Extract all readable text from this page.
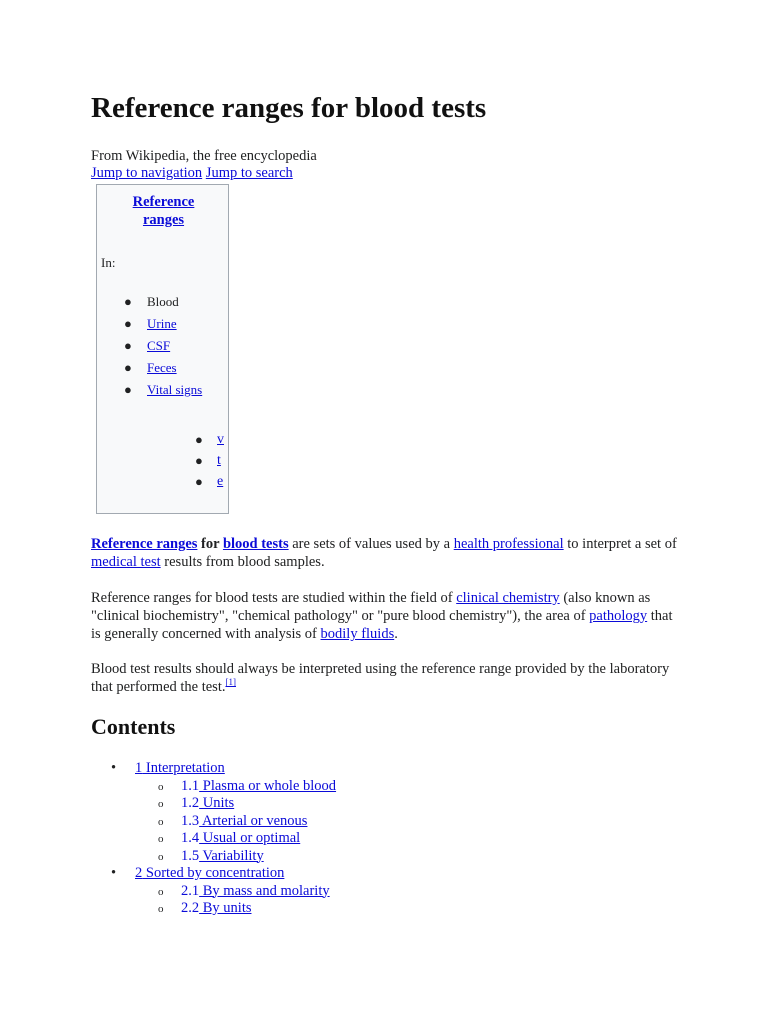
Reference ranges for blood tests
From Wikipedia, the free encyclopedia
Jump to navigation Jump to search
Reference
ranges
In:
● Blood
● Urine
● CSF
● Feces
● Vital signs
● v
● t
● e

Reference ranges for blood tests are sets of values used by a health professional to interpret a set of medical test results from blood samples.

Reference ranges for blood tests are studied within the field of clinical chemistry (also known as "clinical biochemistry", "chemical pathology" or "pure blood chemistry"), the area of pathology that is generally concerned with analysis of bodily fluids.

Blood test results should always be interpreted using the reference range provided by the laboratory that performed the test.[1]

Contents
• 1 Interpretation
o 1.1 Plasma or whole blood
o 1.2 Units
o 1.3 Arterial or venous
o 1.4 Usual or optimal
o 1.5 Variability
• 2 Sorted by concentration
o 2.1 By mass and molarity
o 2.2 By units
